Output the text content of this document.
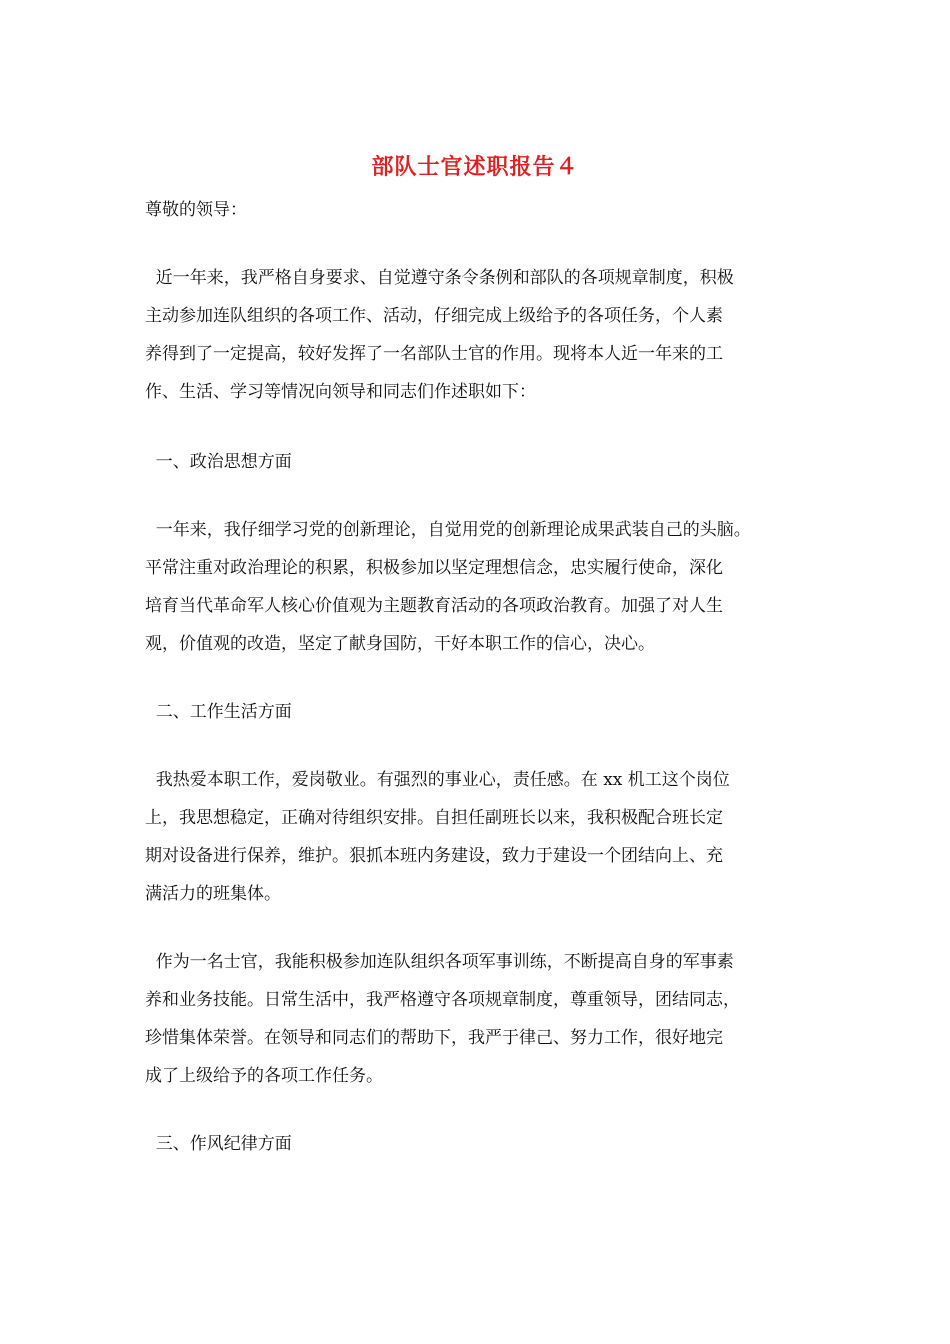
部队士官述职报告４
尊敬的领导：
近一年来，我严格自身要求、自觉遵守条令条例和部队的各项规章制度，积极
主动参加连队组织的各项工作、活动，仔细完成上级给予的各项任务，个人素
养得到了一定提高，较好发挥了一名部队士官的作用。现将本人近一年来的工
作、生活、学习等情况向领导和同志们作述职如下：
一、政治思想方面
一年来，我仔细学习党的创新理论，自觉用党的创新理论成果武装自己的头脑。
平常注重对政治理论的积累，积极参加以坚定理想信念，忠实履行使命，深化
培育当代革命军人核心价值观为主题教育活动的各项政治教育。加强了对人生
观，价值观的改造，坚定了献身国防，干好本职工作的信心，决心。
二、工作生活方面
我热爱本职工作，爱岗敬业。有强烈的事业心，责任感。在 xx 机工这个岗位
上，我思想稳定，正确对待组织安排。自担任副班长以来，我积极配合班长定
期对设备进行保养，维护。狠抓本班内务建设，致力于建设一个团结向上、充
满活力的班集体。
作为一名士官，我能积极参加连队组织各项军事训练，不断提高自身的军事素
养和业务技能。日常生活中，我严格遵守各项规章制度，尊重领导，团结同志，
珍惜集体荣誉。在领导和同志们的帮助下，我严于律己、努力工作，很好地完
成了上级给予的各项工作任务。
三、作风纪律方面
